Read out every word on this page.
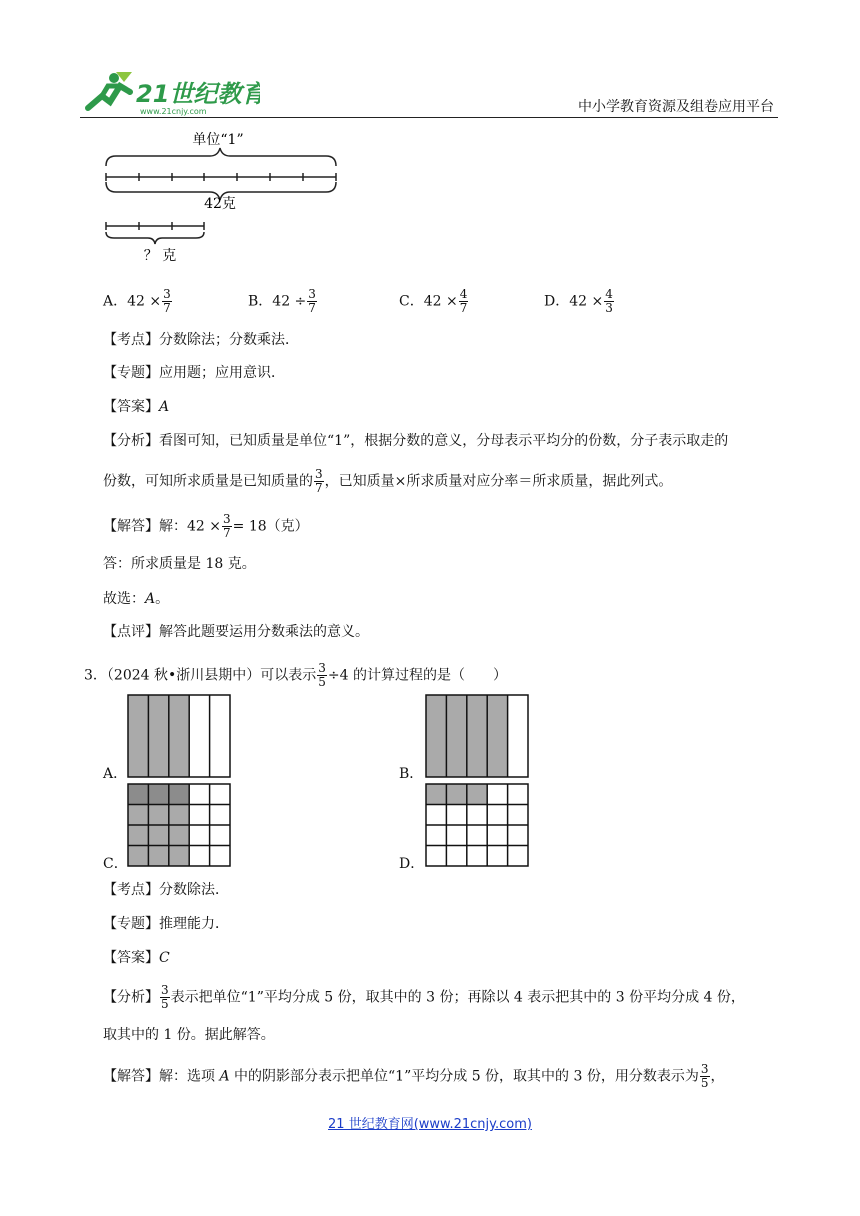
21世纪教育
www.21cnjy.com	中小学教育资源及组卷应用平台
单位“1”
42克
？ 克
A．$42 \times \frac{3}{7}$	B．$42 \div \frac{3}{7}$	C．$42 \times \frac{4}{7}$	D．$42 \times \frac{4}{3}$
【考点】分数除法；分数乘法．
【专题】应用题；应用意识．
【答案】A
【分析】看图可知，已知质量是单位“1”，根据分数的意义，分母表示平均分的份数，分子表示取走的
份数，可知所求质量是已知质量的 $\frac{3}{7}$ ，已知质量×所求质量对应分率＝所求质量，据此列式。
【解答】解：$42 \times \frac{3}{7} = 18$（克）
答：所求质量是 18 克。
故选：A。
【点评】解答此题要运用分数乘法的意义。
3．（2024 秋•浙川县期中）可以表示 $\frac{3}{5} \div 4$ 的计算过程的是（　　）
A．	B．
C．	D．
【考点】分数除法．
【专题】推理能力．
【答案】C
【分析】 $\frac{3}{5}$ 表示把单位“1”平均分成 5 份，取其中的 3 份；再除以 4 表示把其中的 3 份平均分成 4 份，
取其中的 1 份。据此解答。
【解答】解：选项 A 中的阴影部分表示把单位“1”平均分成 5 份，取其中的 3 份，用分数表示为 $\frac{3}{5}$ ，
21 世纪教育网(www.21cnjy.com)
